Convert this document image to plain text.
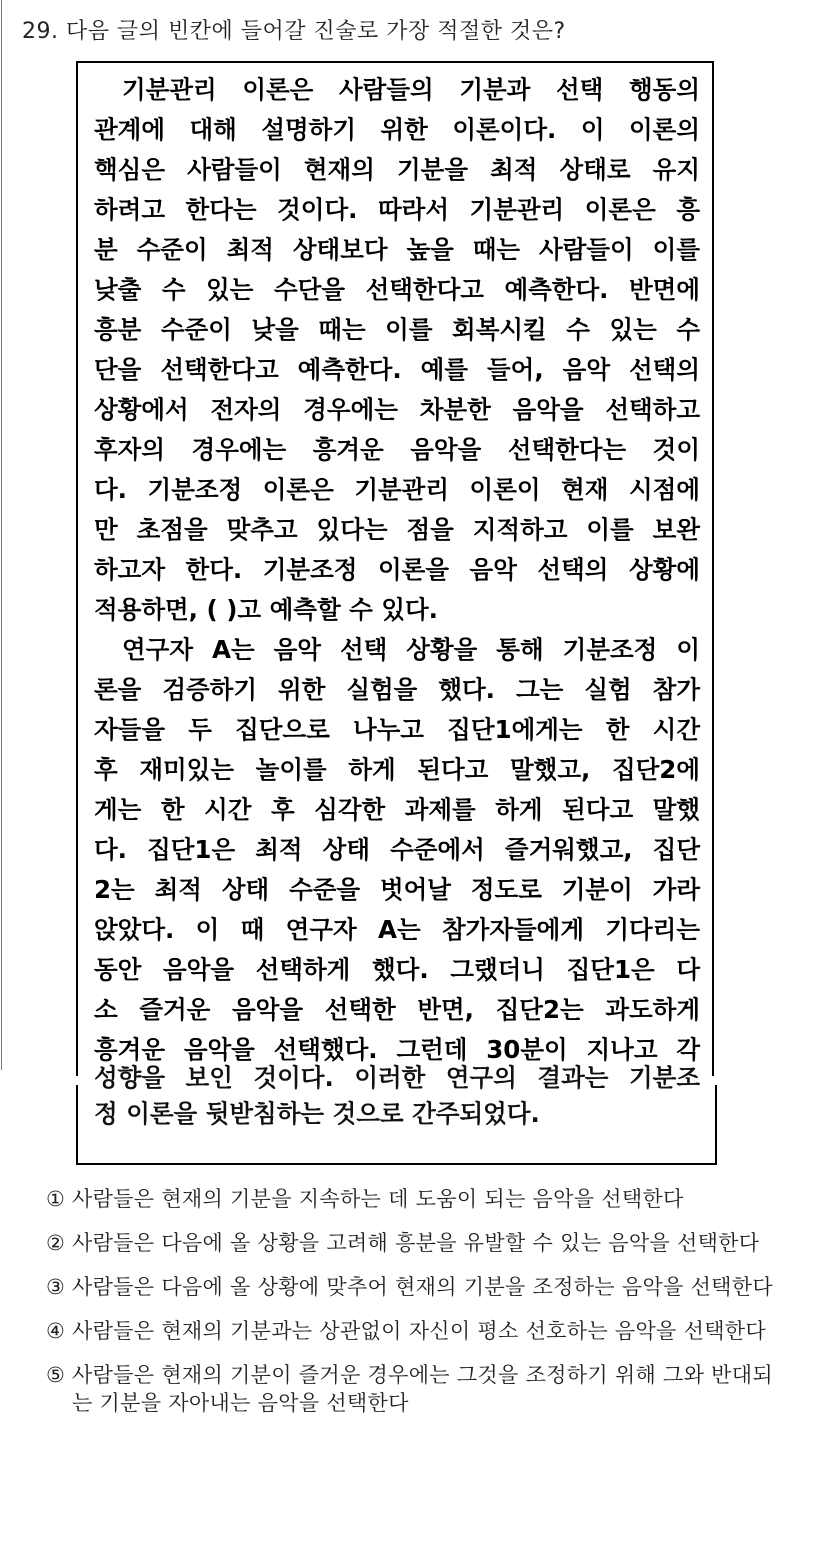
29. 다음 글의 빈칸에 들어갈 진술로 가장 적절한 것은?
기분관리 이론은 사람들의 기분과 선택 행동의
관계에 대해 설명하기 위한 이론이다. 이 이론의
핵심은 사람들이 현재의 기분을 최적 상태로 유지
하려고 한다는 것이다. 따라서 기분관리 이론은 흥
분 수준이 최적 상태보다 높을 때는 사람들이 이를
낮출 수 있는 수단을 선택한다고 예측한다. 반면에
흥분 수준이 낮을 때는 이를 회복시킬 수 있는 수
단을 선택한다고 예측한다. 예를 들어, 음악 선택의
상황에서 전자의 경우에는 차분한 음악을 선택하고
후자의 경우에는 흥겨운 음악을 선택한다는 것이
다. 기분조정 이론은 기분관리 이론이 현재 시점에
만 초점을 맞추고 있다는 점을 지적하고 이를 보완
하고자 한다. 기분조정 이론을 음악 선택의 상황에
적용하면, ( )고 예측할 수 있다.
연구자 A는 음악 선택 상황을 통해 기분조정 이
론을 검증하기 위한 실험을 했다. 그는 실험 참가
자들을 두 집단으로 나누고 집단1에게는 한 시간
후 재미있는 놀이를 하게 된다고 말했고, 집단2에
게는 한 시간 후 심각한 과제를 하게 된다고 말했
다. 집단1은 최적 상태 수준에서 즐거워했고, 집단
2는 최적 상태 수준을 벗어날 정도로 기분이 가라
앉았다. 이 때 연구자 A는 참가자들에게 기다리는
동안 음악을 선택하게 했다. 그랬더니 집단1은 다
소 즐거운 음악을 선택한 반면, 집단2는 과도하게
흥겨운 음악을 선택했다. 그런데 30분이 지나고 각
성향을 보인 것이다. 이러한 연구의 결과는 기분조
정 이론을 뒷받침하는 것으로 간주되었다.
① 사람들은 현재의 기분을 지속하는 데 도움이 되는 음악을 선택한다
② 사람들은 다음에 올 상황을 고려해 흥분을 유발할 수 있는 음악을 선택한다
③ 사람들은 다음에 올 상황에 맞추어 현재의 기분을 조정하는 음악을 선택한다
④ 사람들은 현재의 기분과는 상관없이 자신이 평소 선호하는 음악을 선택한다
⑤ 사람들은 현재의 기분이 즐거운 경우에는 그것을 조정하기 위해 그와 반대되는 기분을 자아내는 음악을 선택한다
